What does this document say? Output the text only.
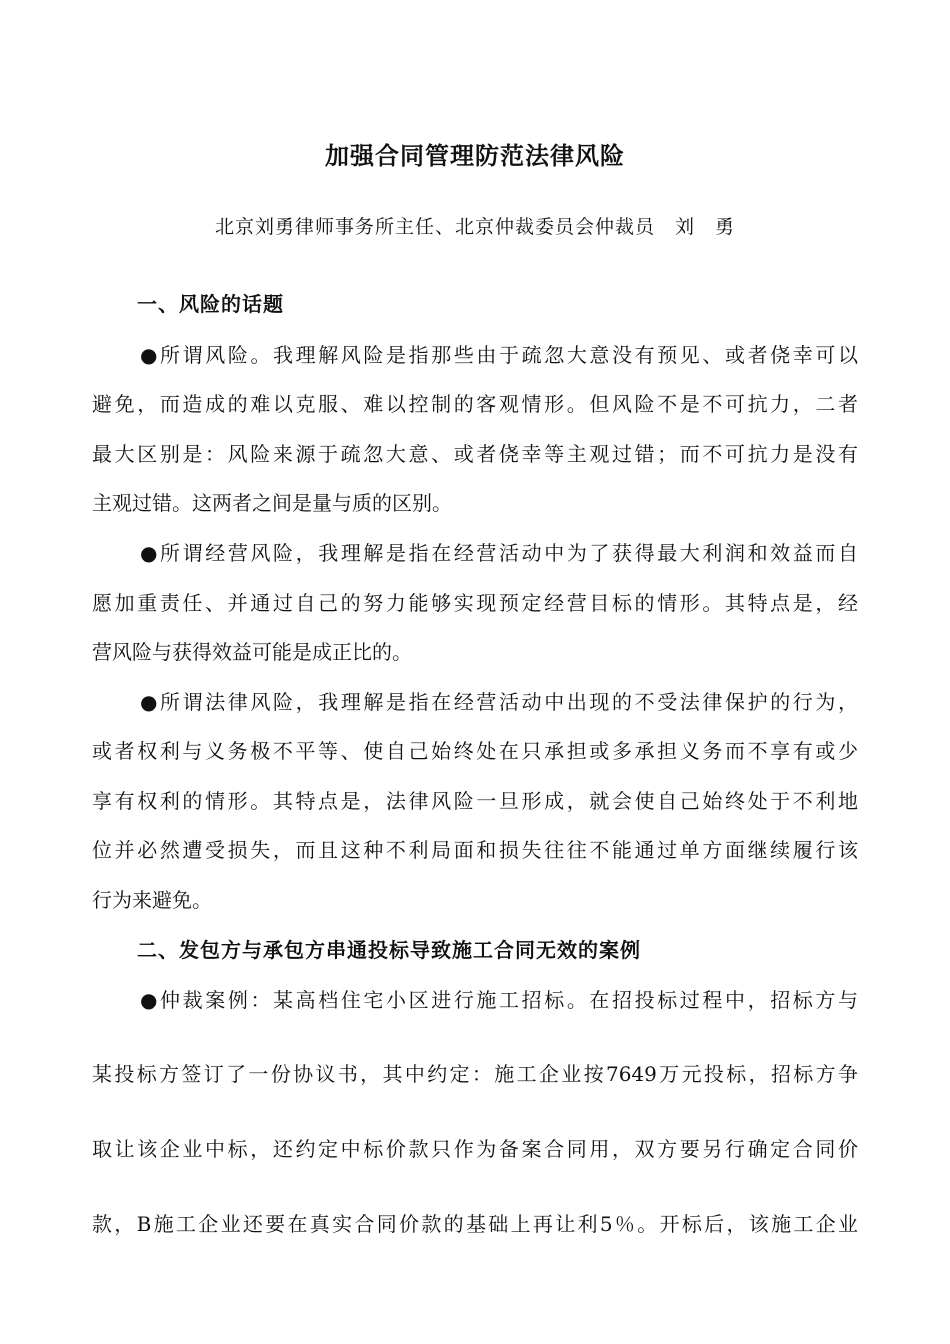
加强合同管理防范法律风险
北京刘勇律师事务所主任、北京仲裁委员会仲裁员　刘　勇
一、风险的话题
●所谓风险。我理解风险是指那些由于疏忽大意没有预见、或者侥幸可以
避免，而造成的难以克服、难以控制的客观情形。但风险不是不可抗力，二者
最大区别是：风险来源于疏忽大意、或者侥幸等主观过错；而不可抗力是没有
主观过错。这两者之间是量与质的区别。
●所谓经营风险，我理解是指在经营活动中为了获得最大利润和效益而自
愿加重责任、并通过自己的努力能够实现预定经营目标的情形。其特点是，经
营风险与获得效益可能是成正比的。
●所谓法律风险，我理解是指在经营活动中出现的不受法律保护的行为，
或者权利与义务极不平等、使自己始终处在只承担或多承担义务而不享有或少
享有权利的情形。其特点是，法律风险一旦形成，就会使自己始终处于不利地
位并必然遭受损失，而且这种不利局面和损失往往不能通过单方面继续履行该
行为来避免。
二、发包方与承包方串通投标导致施工合同无效的案例
●仲裁案例：某高档住宅小区进行施工招标。在招投标过程中，招标方与
某投标方签订了一份协议书，其中约定：施工企业按7649万元投标，招标方争
取让该企业中标，还约定中标价款只作为备案合同用，双方要另行确定合同价
款，B施工企业还要在真实合同价款的基础上再让利5％。开标后，该施工企业
